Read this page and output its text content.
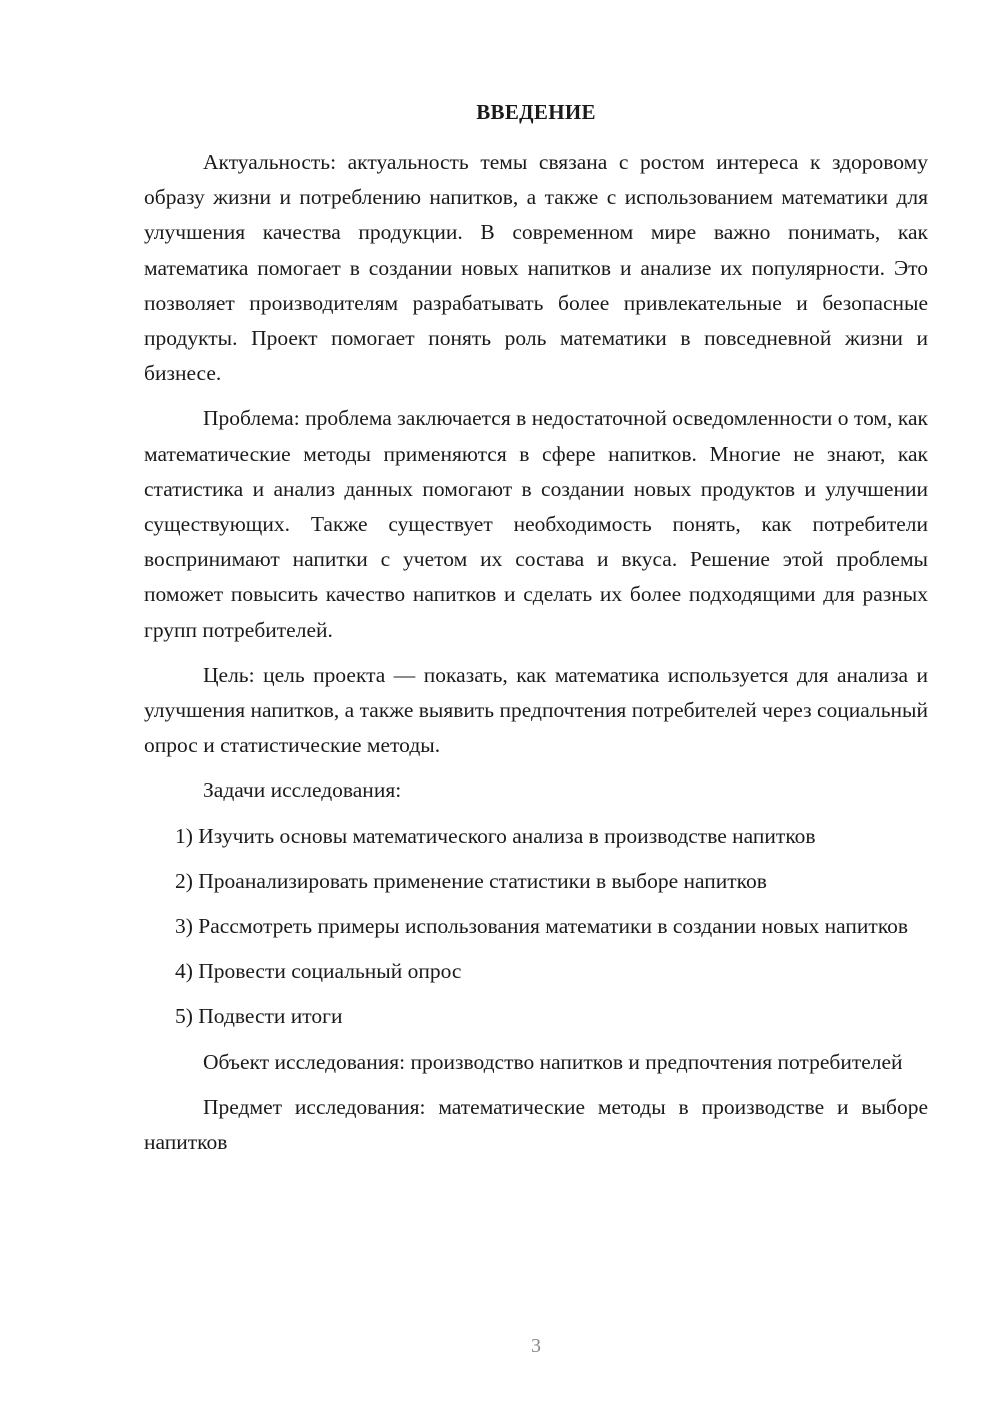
ВВЕДЕНИЕ

Актуальность: актуальность темы связана с ростом интереса к здоровому образу жизни и потреблению напитков, а также с использованием математики для улучшения качества продукции. В современном мире важно понимать, как математика помогает в создании новых напитков и анализе их популярности. Это позволяет производителям разрабатывать более привлекательные и безопасные продукты. Проект помогает понять роль математики в повседневной жизни и бизнесе.

Проблема: проблема заключается в недостаточной осведомленности о том, как математические методы применяются в сфере напитков. Многие не знают, как статистика и анализ данных помогают в создании новых продуктов и улучшении существующих. Также существует необходимость понять, как потребители воспринимают напитки с учетом их состава и вкуса. Решение этой проблемы поможет повысить качество напитков и сделать их более подходящими для разных групп потребителей.

Цель: цель проекта — показать, как математика используется для анализа и улучшения напитков, а также выявить предпочтения потребителей через социальный опрос и статистические методы.

Задачи исследования:

1) Изучить основы математического анализа в производстве напитков

2) Проанализировать применение статистики в выборе напитков

3) Рассмотреть примеры использования математики в создании новых напитков

4) Провести социальный опрос

5) Подвести итоги

Объект исследования: производство напитков и предпочтения потребителей

Предмет исследования: математические методы в производстве и выборе напитков

3
